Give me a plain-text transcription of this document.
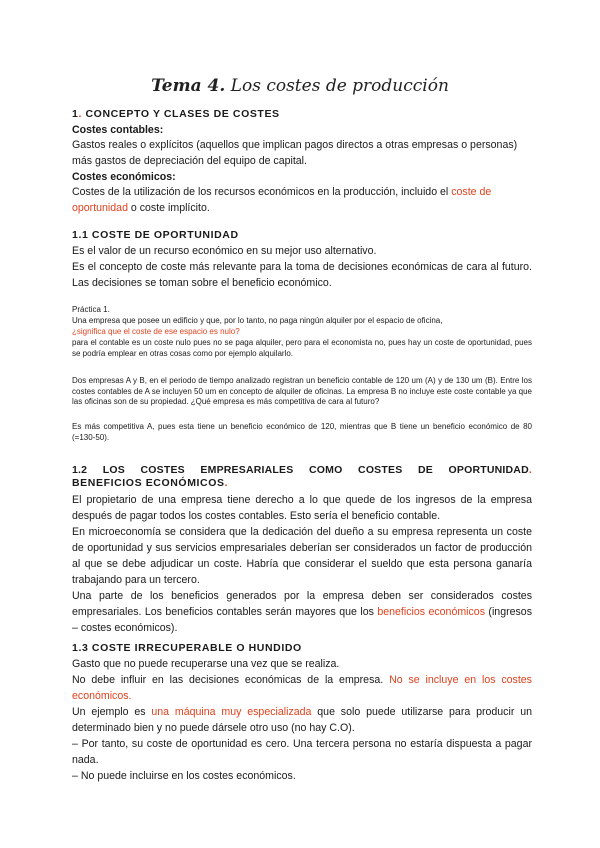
Tema 4. Los costes de producción
1. CONCEPTO Y CLASES DE COSTES
Costes contables:
Gastos reales o explícitos (aquellos que implican pagos directos a otras empresas o personas) más gastos de depreciación del equipo de capital.
Costes económicos:
Costes de la utilización de los recursos económicos en la producción, incluido el coste de oportunidad o coste implícito.
1.1 COSTE DE OPORTUNIDAD
Es el valor de un recurso económico en su mejor uso alternativo.
Es el concepto de coste más relevante para la toma de decisiones económicas de cara al futuro. Las decisiones se toman sobre el beneficio económico.
Práctica 1.
Una empresa que posee un edificio y que, por lo tanto, no paga ningún alquiler por el espacio de oficina,
¿significa que el coste de ese espacio es nulo?
para el contable es un coste nulo pues no se paga alquiler, pero para el economista no, pues hay un coste de oportunidad, pues se podría emplear en otras cosas como por ejemplo alquilarlo.
Dos empresas A y B, en el periodo de tiempo analizado registran un beneficio contable de 120 um (A) y de 130 um (B). Entre los costes contables de A se incluyen 50 um en concepto de alquiler de oficinas. La empresa B no incluye este coste contable ya que las oficinas son de su propiedad. ¿Qué empresa es más competitiva de cara al futuro?
Es más competitiva A, pues esta tiene un beneficio económico de 120, mientras que B tiene un beneficio económico de 80 (=130-50).
1.2 LOS COSTES EMPRESARIALES COMO COSTES DE OPORTUNIDAD.
BENEFICIOS ECONÓMICOS.
El propietario de una empresa tiene derecho a lo que quede de los ingresos de la empresa después de pagar todos los costes contables. Esto sería el beneficio contable.
En microeconomía se considera que la dedicación del dueño a su empresa representa un coste de oportunidad y sus servicios empresariales deberían ser considerados un factor de producción al que se debe adjudicar un coste. Habría que considerar el sueldo que esta persona ganaría trabajando para un tercero.
Una parte de los beneficios generados por la empresa deben ser considerados costes empresariales. Los beneficios contables serán mayores que los beneficios económicos (ingresos – costes económicos).
1.3 COSTE IRRECUPERABLE O HUNDIDO
Gasto que no puede recuperarse una vez que se realiza.
No debe influir en las decisiones económicas de la empresa. No se incluye en los costes económicos.
Un ejemplo es una máquina muy especializada que solo puede utilizarse para producir un determinado bien y no puede dársele otro uso (no hay C.O).
– Por tanto, su coste de oportunidad es cero. Una tercera persona no estaría dispuesta a pagar nada.
– No puede incluirse en los costes económicos.
